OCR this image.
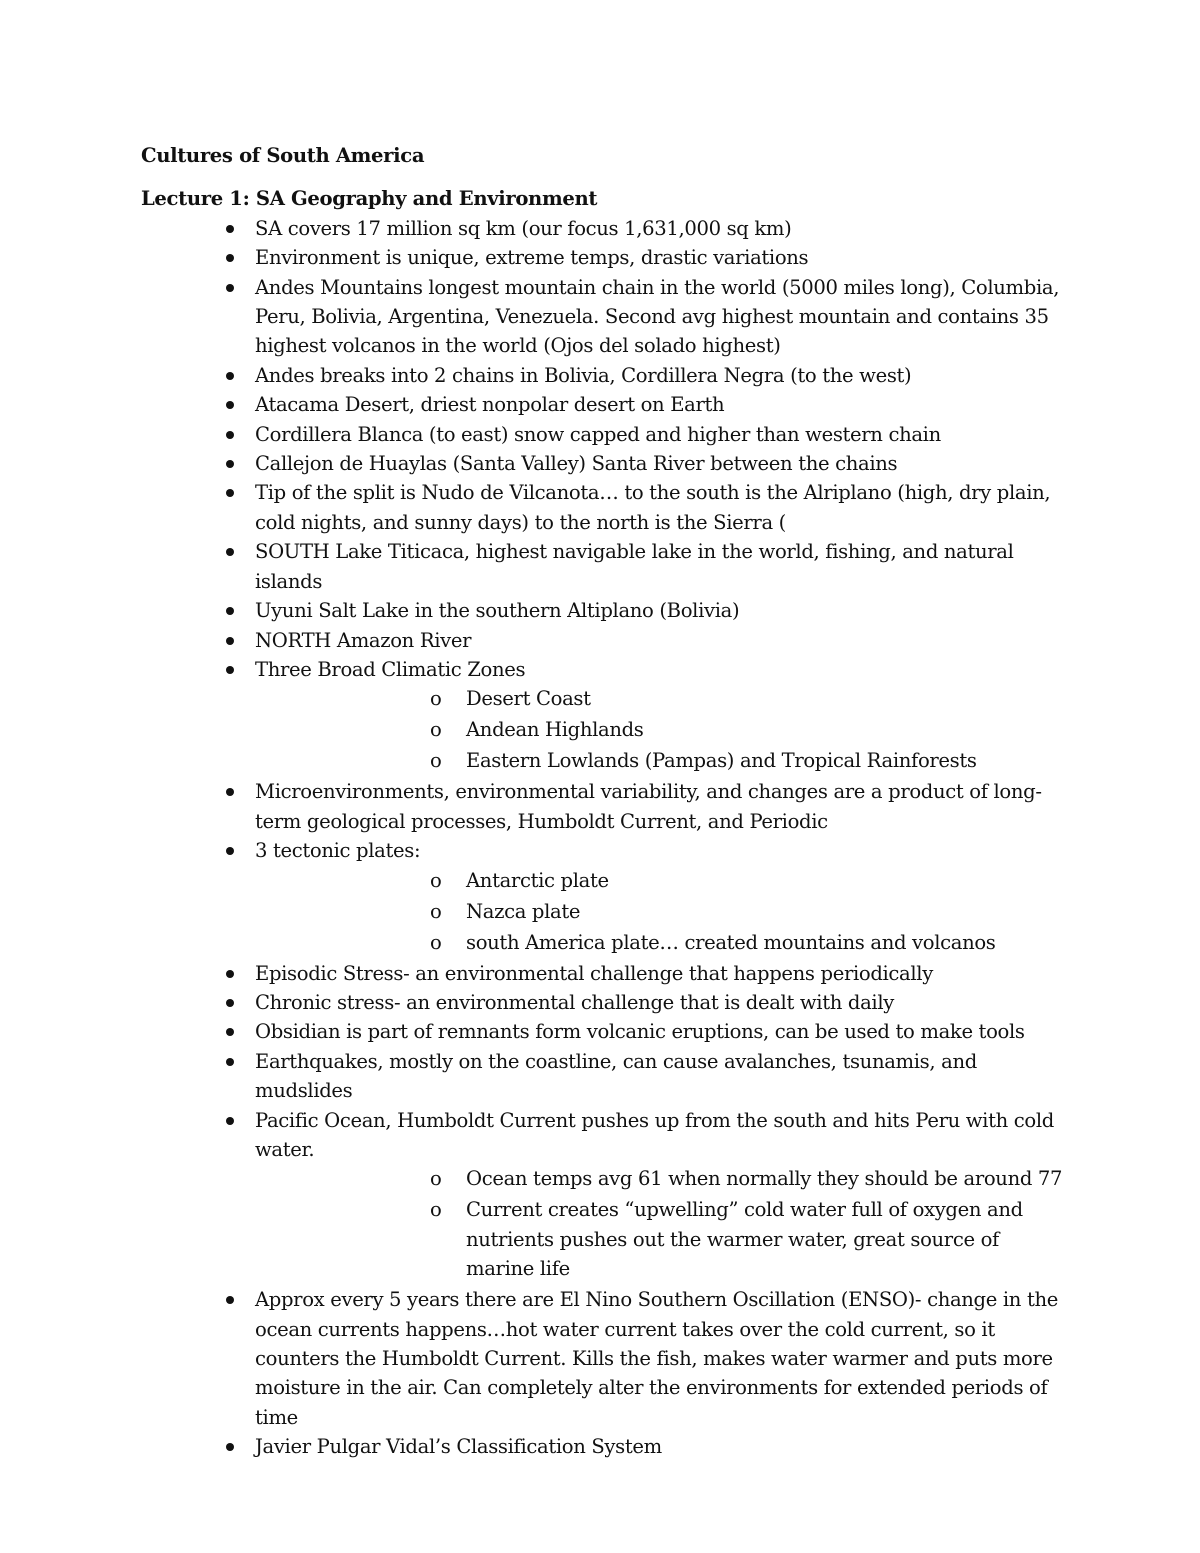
Cultures of South America
Lecture 1: SA Geography and Environment
SA covers 17 million sq km (our focus 1,631,000 sq km)
Environment is unique, extreme temps, drastic variations
Andes Mountains longest mountain chain in the world (5000 miles long), Columbia, Peru, Bolivia, Argentina, Venezuela. Second avg highest mountain and contains 35 highest volcanos in the world (Ojos del solado highest)
Andes breaks into 2 chains in Bolivia, Cordillera Negra (to the west)
Atacama Desert, driest nonpolar desert on Earth
Cordillera Blanca (to east) snow capped and higher than western chain
Callejon de Huaylas (Santa Valley) Santa River between the chains
Tip of the split is Nudo de Vilcanota… to the south is the Alriplano (high, dry plain, cold nights, and sunny days) to the north is the Sierra (
SOUTH Lake Titicaca, highest navigable lake in the world, fishing, and natural islands
Uyuni Salt Lake in the southern Altiplano (Bolivia)
NORTH Amazon River
Three Broad Climatic Zones
o Desert Coast
o Andean Highlands
o Eastern Lowlands (Pampas) and Tropical Rainforests
Microenvironments, environmental variability, and changes are a product of long-term geological processes, Humboldt Current, and Periodic
3 tectonic plates:
o Antarctic plate
o Nazca plate
o south America plate… created mountains and volcanos
Episodic Stress- an environmental challenge that happens periodically
Chronic stress- an environmental challenge that is dealt with daily
Obsidian is part of remnants form volcanic eruptions, can be used to make tools
Earthquakes, mostly on the coastline, can cause avalanches, tsunamis, and mudslides
Pacific Ocean, Humboldt Current pushes up from the south and hits Peru with cold water.
o Ocean temps avg 61 when normally they should be around 77
o Current creates “upwelling” cold water full of oxygen and nutrients pushes out the warmer water, great source of marine life
Approx every 5 years there are El Nino Southern Oscillation (ENSO)- change in the ocean currents happens…hot water current takes over the cold current, so it counters the Humboldt Current. Kills the fish, makes water warmer and puts more moisture in the air. Can completely alter the environments for extended periods of time
Javier Pulgar Vidal’s Classification System
